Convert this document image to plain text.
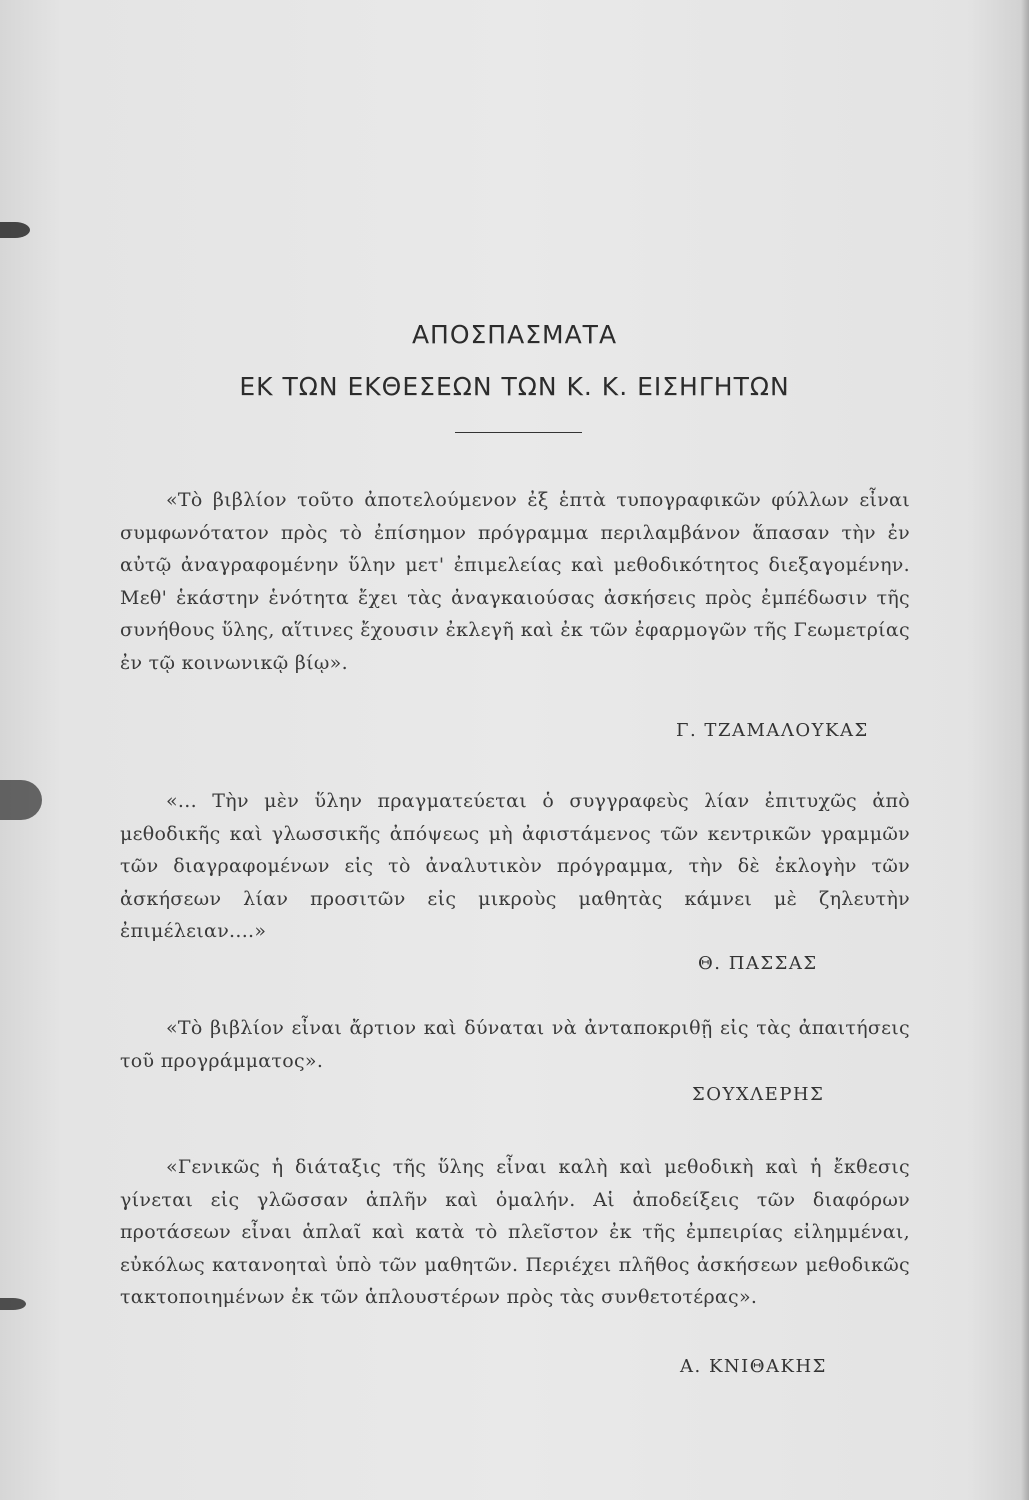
ΑΠΟΣΠΑΣΜΑΤΑ
ΕΚ ΤΩΝ ΕΚΘΕΣΕΩΝ ΤΩΝ Κ. Κ. ΕΙΣΗΓΗΤΩΝ

«Τὸ βιβλίον τοῦτο ἀποτελούμενον ἐξ ἑπτὰ τυπογραφικῶν φύλλων εἶναι συμφωνότατον πρὸς τὸ ἐπίσημον πρόγραμμα περιλαμβάνον ἅπασαν τὴν ἐν αὐτῷ ἀναγραφομένην ὕλην μετ' ἐπιμελείας καὶ μεθοδικότητος διεξαγομένην. Μεθ' ἑκάστην ἑνότητα ἔχει τὰς ἀναγκαιούσας ἀσκήσεις πρὸς ἐμπέδωσιν τῆς συνήθους ὕλης, αἵτινες ἔχουσιν ἐκλεγῆ καὶ ἐκ τῶν ἐφαρμογῶν τῆς Γεωμετρίας ἐν τῷ κοινωνικῷ βίῳ».

Γ. ΤΖΑΜΑΛΟΥΚΑΣ

«... Τὴν μὲν ὕλην πραγματεύεται ὁ συγγραφεὺς λίαν ἐπιτυχῶς ἀπὸ μεθοδικῆς καὶ γλωσσικῆς ἀπόψεως μὴ ἀφιστάμενος τῶν κεντρικῶν γραμμῶν τῶν διαγραφομένων εἰς τὸ ἀναλυτικὸν πρόγραμμα, τὴν δὲ ἐκλογὴν τῶν ἀσκήσεων λίαν προσιτῶν εἰς μικροὺς μαθητὰς κάμνει μὲ ζηλευτὴν ἐπιμέλειαν....»

Θ. ΠΑΣΣΑΣ

«Τὸ βιβλίον εἶναι ἄρτιον καὶ δύναται νὰ ἀνταποκριθῇ εἰς τὰς ἀπαιτήσεις τοῦ προγράμματος».

ΣΟΥΧΛΕΡΗΣ

«Γενικῶς ἡ διάταξις τῆς ὕλης εἶναι καλὴ καὶ μεθοδικὴ καὶ ἡ ἔκθεσις γίνεται εἰς γλῶσσαν ἁπλῆν καὶ ὁμαλήν. Αἱ ἀποδείξεις τῶν διαφόρων προτάσεων εἶναι ἁπλαῖ καὶ κατὰ τὸ πλεῖστον ἐκ τῆς ἐμπειρίας εἰλημμέναι, εὐκόλως κατανοηταὶ ὑπὸ τῶν μαθητῶν. Περιέχει πλῆθος ἀσκήσεων μεθοδικῶς τακτοποιημένων ἐκ τῶν ἁπλουστέρων πρὸς τὰς συνθετοτέρας».

Α. ΚΝΙΘΑΚΗΣ
